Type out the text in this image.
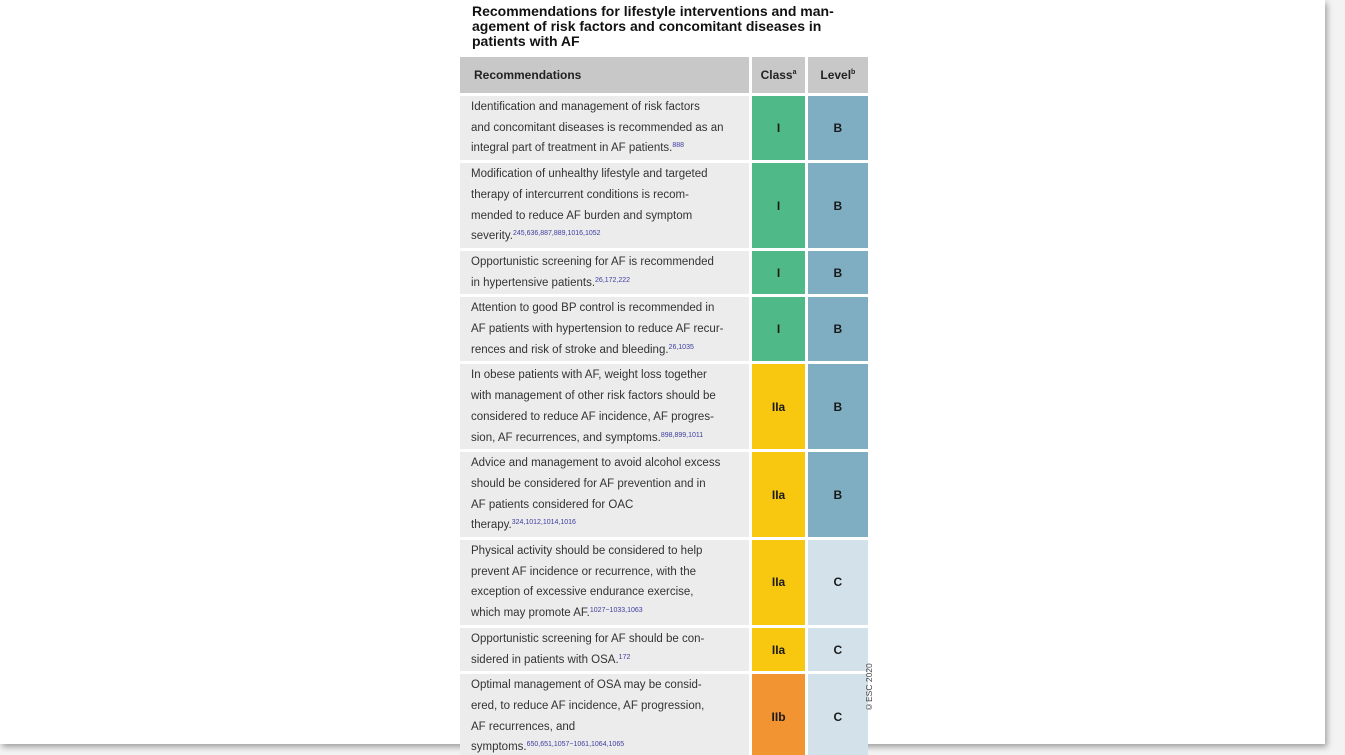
Recommendations for lifestyle interventions and man-
agement of risk factors and concomitant diseases in
patients with AF
Recommendations	Class$^a$	Level$^b$
Identification and management of risk factors
and concomitant diseases is recommended as an
integral part of treatment in AF patients.$^{888}$	I	B
Modification of unhealthy lifestyle and targeted
therapy of intercurrent conditions is recom-
mended to reduce AF burden and symptom
severity.$^{245,636,887,889,1016,1052}$	I	B
Opportunistic screening for AF is recommended
in hypertensive patients.$^{26,172,222}$	I	B
Attention to good BP control is recommended in
AF patients with hypertension to reduce AF recur-
rences and risk of stroke and bleeding.$^{26,1035}$	I	B
In obese patients with AF, weight loss together
with management of other risk factors should be
considered to reduce AF incidence, AF progres-
sion, AF recurrences, and symptoms.$^{898,899,1011}$	IIa	B
Advice and management to avoid alcohol excess
should be considered for AF prevention and in
AF patients considered for OAC
therapy.$^{324,1012,1014,1016}$	IIa	B
Physical activity should be considered to help
prevent AF incidence or recurrence, with the
exception of excessive endurance exercise,
which may promote AF.$^{1027-1033,1063}$	IIa	C
Opportunistic screening for AF should be con-
sidered in patients with OSA.$^{172}$	IIa	C
Optimal management of OSA may be consid-
ered, to reduce AF incidence, AF progression,
AF recurrences, and
symptoms.$^{650,651,1057-1061,1064,1065}$	IIb	C
©ESC 2020
